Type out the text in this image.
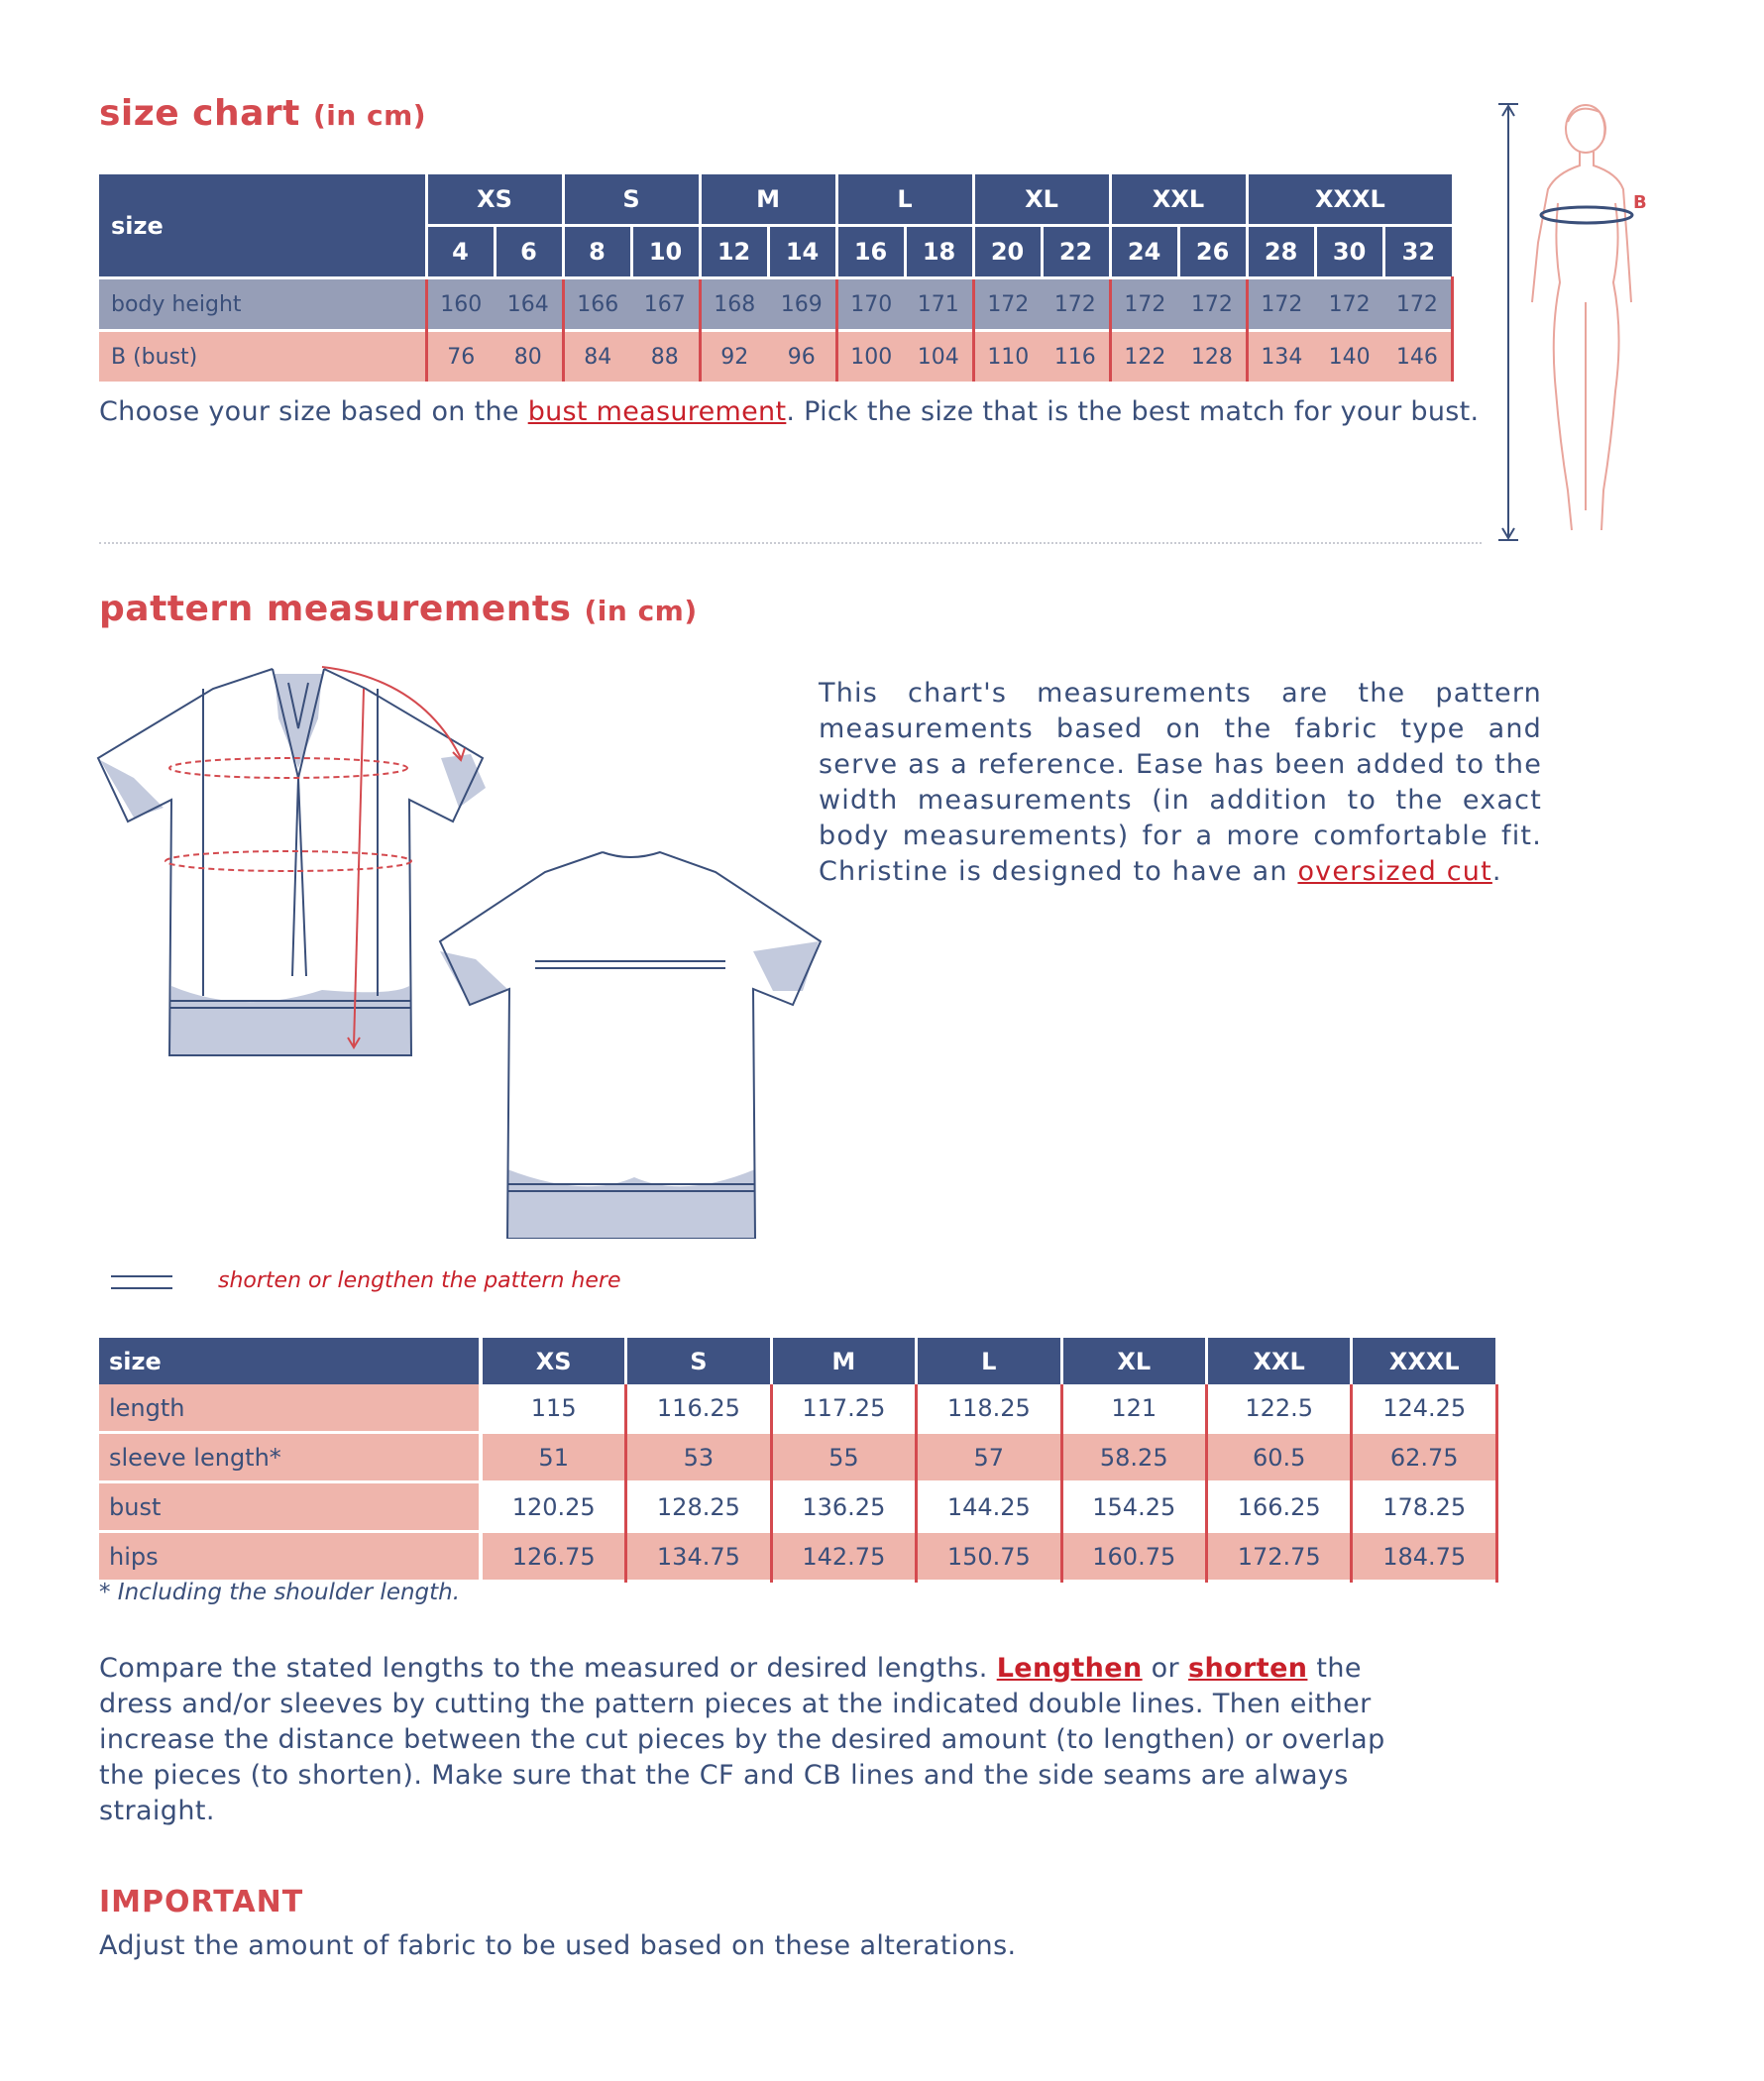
size chart (in cm)
size	XS		S		M		L		XL		XXL		XXXL		
	4	6	8	10	12	14	16	18	20	22	24	26	28	30	32
body height	160	164	166	167	168	169	170	171	172	172	172	172	172	172	172
B (bust)	76	80	84	88	92	96	100	104	110	116	122	128	134	140	146

Choose your size based on the bust measurement. Pick the size that is the best match for your bust.

B
pattern measurements (in cm)

This chart's measurements are the pattern measurements based on the fabric type and serve as a reference. Ease has been added to the width measurements (in addition to the exact body measurements) for a more comfortable fit. Christine is designed to have an oversized cut.

shorten or lengthen the pattern here
size	XS	S	M	L	XL	XXL	XXXL
length	115	116.25	117.25	118.25	121	122.5	124.25
sleeve length*	51	53	55	57	58.25	60.5	62.75
bust	120.25	128.25	136.25	144.25	154.25	166.25	178.25
hips	126.75	134.75	142.75	150.75	160.75	172.75	184.75
* Including the shoulder length.

Compare the stated lengths to the measured or desired lengths. Lengthen or shorten the dress and/or sleeves by cutting the pattern pieces at the indicated double lines. Then either increase the distance between the cut pieces by the desired amount (to lengthen) or overlap the pieces (to shorten). Make sure that the CF and CB lines and the side seams are always straight.

IMPORTANT

Adjust the amount of fabric to be used based on these alterations.
